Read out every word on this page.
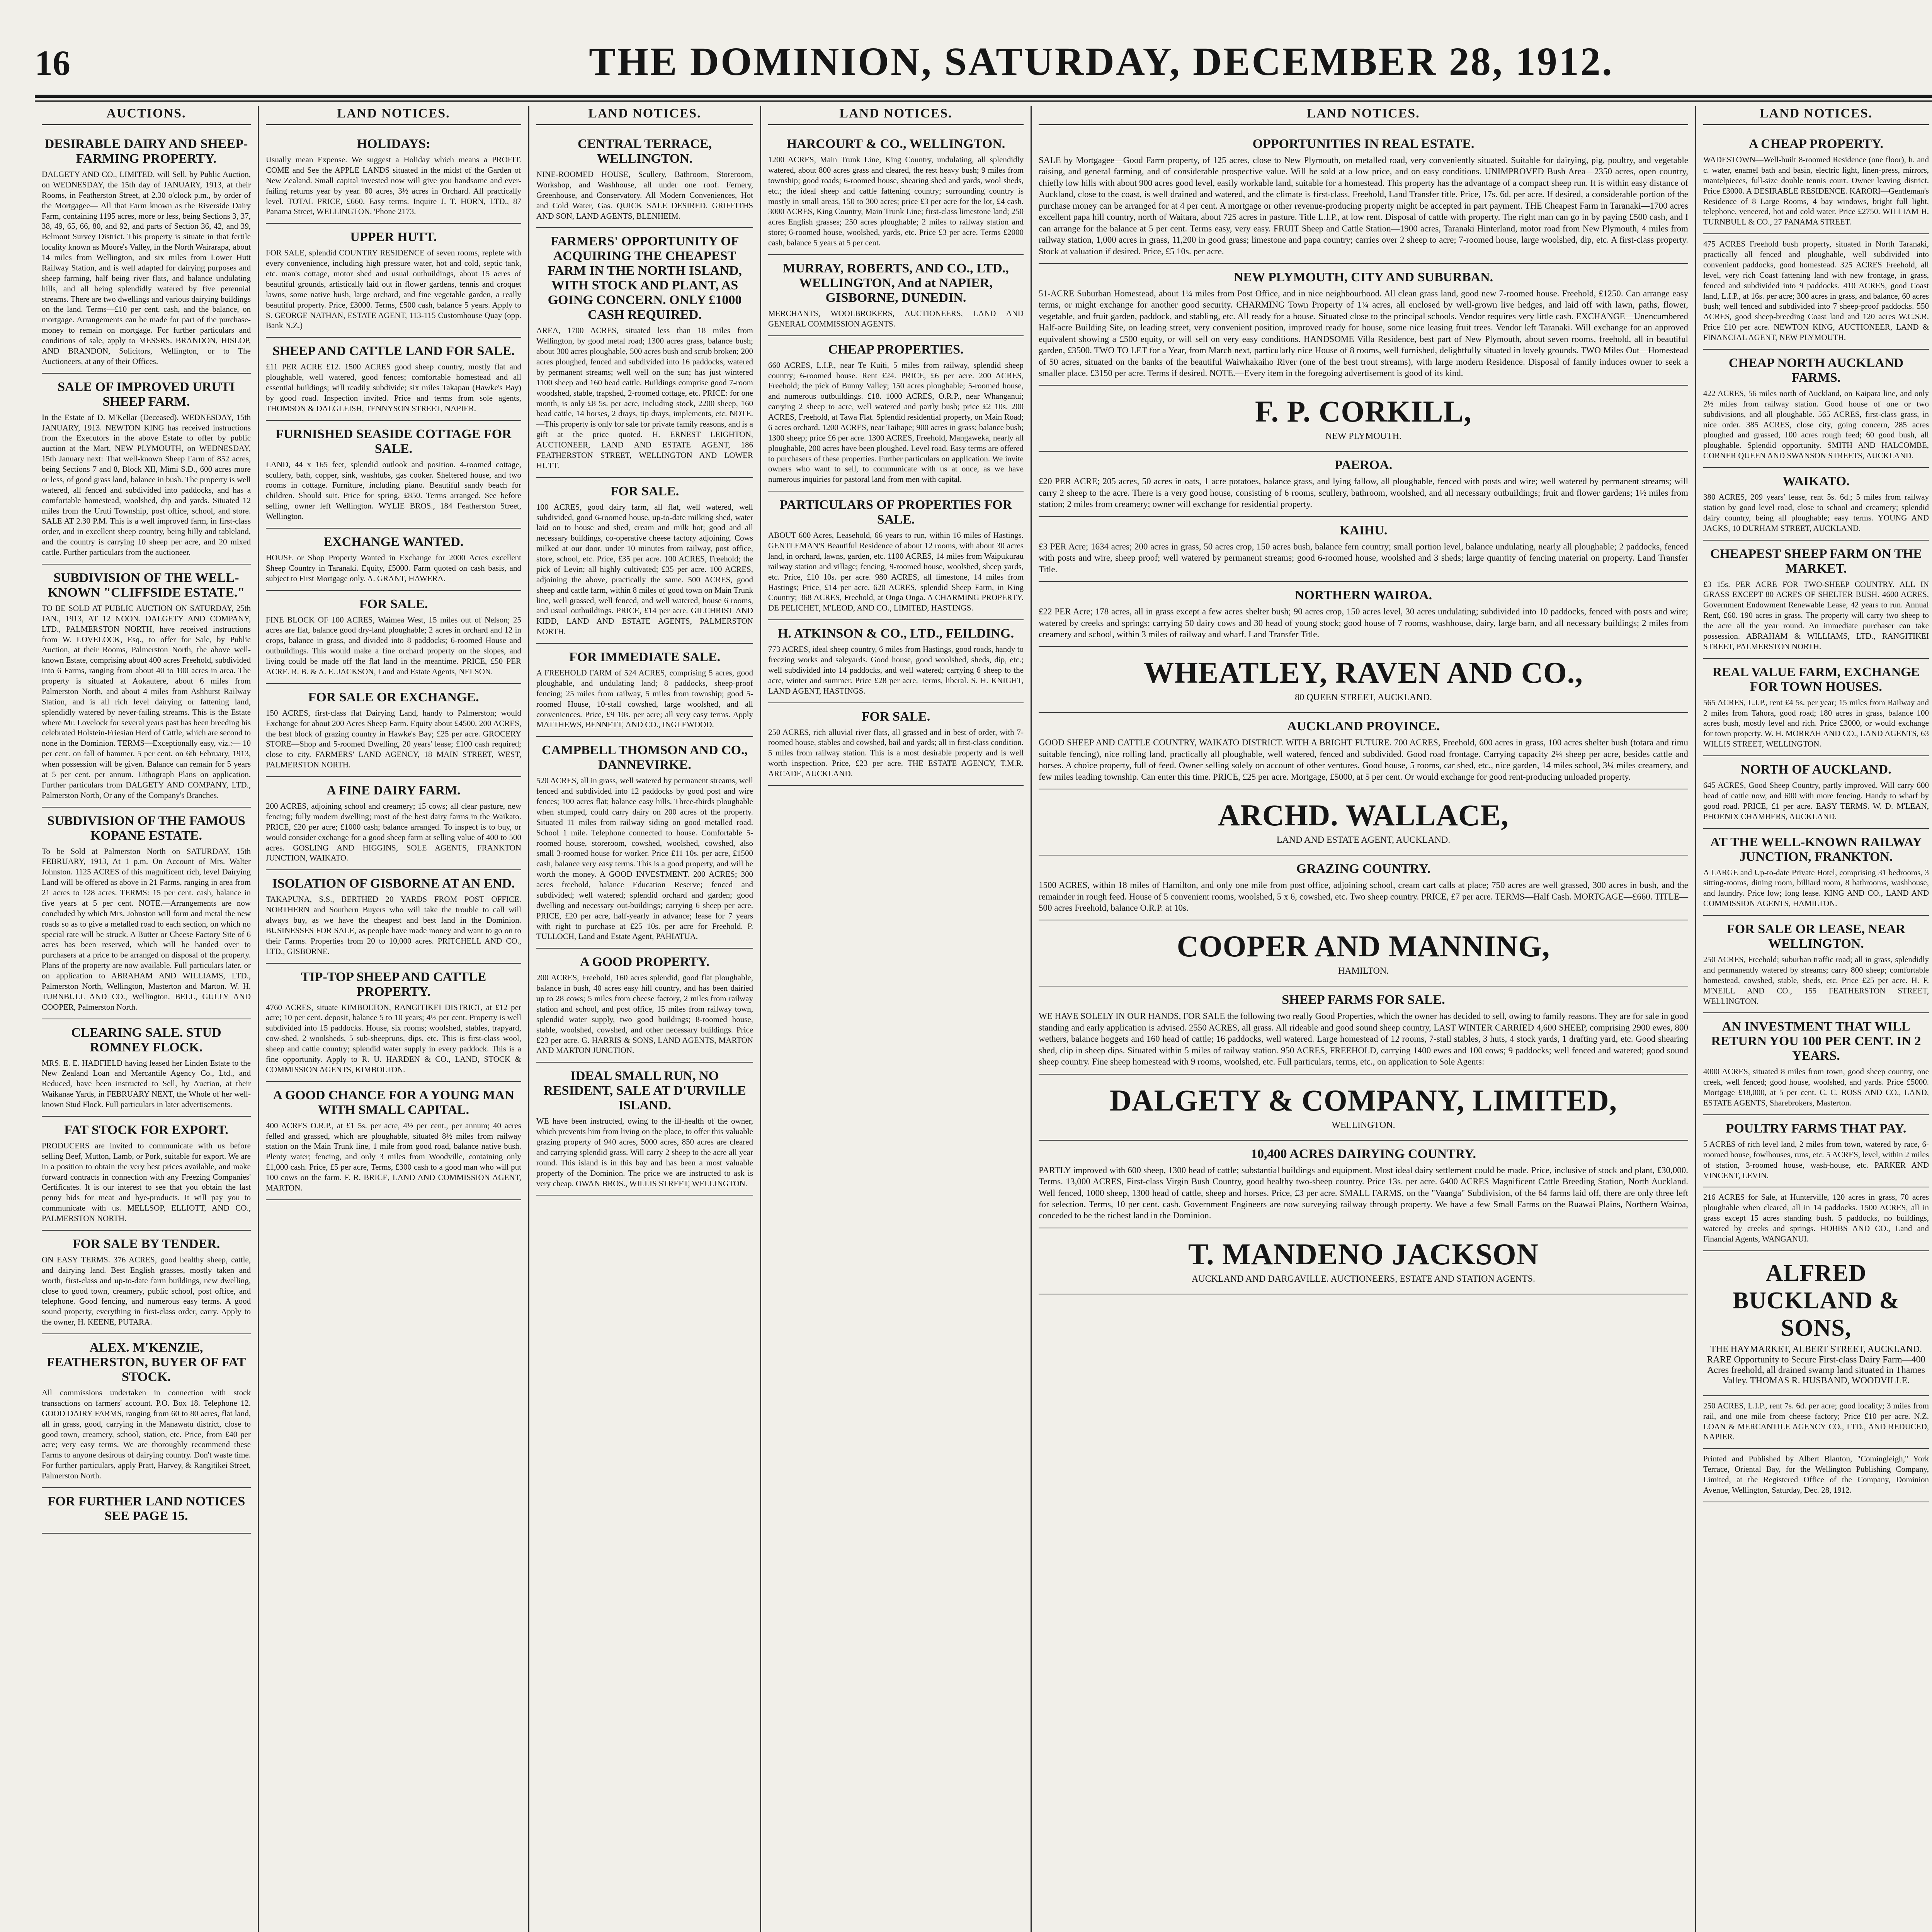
16	THE DOMINION, SATURDAY, DECEMBER 28, 1912.
AUCTIONS.
DESIRABLE DAIRY AND SHEEP-FARMING PROPERTY.

DALGETY AND CO., LIMITED, will Sell, by Public Auction, on WEDNESDAY, the 15th day of JANUARY, 1913, at their Rooms, in Featherston Street, at 2.30 o'clock p.m., by order of the Mortgagee— All that Farm known as the Riverside Dairy Farm, containing 1195 acres, more or less, being Sections 3, 37, 38, 49, 65, 66, 80, and 92, and parts of Section 36, 42, and 39, Belmont Survey District. This property is situate in that fertile locality known as Moore's Valley, in the North Wairarapa, about 14 miles from Wellington, and six miles from Lower Hutt Railway Station, and is well adapted for dairying purposes and sheep farming, half being river flats, and balance undulating hills, and all being splendidly watered by five perennial streams. There are two dwellings and various dairying buildings on the land. Terms—£10 per cent. cash, and the balance, on mortgage. Arrangements can be made for part of the purchase-money to remain on mortgage. For further particulars and conditions of sale, apply to MESSRS. BRANDON, HISLOP, AND BRANDON, Solicitors, Wellington, or to The Auctioneers, at any of their Offices.

SALE OF IMPROVED URUTI SHEEP FARM.

In the Estate of D. M'Kellar (Deceased). WEDNESDAY, 15th JANUARY, 1913. NEWTON KING has received instructions from the Executors in the above Estate to offer by public auction at the Mart, NEW PLYMOUTH, on WEDNESDAY, 15th January next: That well-known Sheep Farm of 852 acres, being Sections 7 and 8, Block XII, Mimi S.D., 600 acres more or less, of good grass land, balance in bush. The property is well watered, all fenced and subdivided into paddocks, and has a comfortable homestead, woolshed, dip and yards. Situated 12 miles from the Uruti Township, post office, school, and store. SALE AT 2.30 P.M. This is a well improved farm, in first-class order, and in excellent sheep country, being hilly and tableland, and the country is carrying 10 sheep per acre, and 20 mixed cattle. Further particulars from the auctioneer.

SUBDIVISION OF THE WELL-KNOWN "CLIFFSIDE ESTATE."

TO BE SOLD AT PUBLIC AUCTION ON SATURDAY, 25th JAN., 1913, AT 12 NOON. DALGETY AND COMPANY, LTD., PALMERSTON NORTH, have received instructions from W. LOVELOCK, Esq., to offer for Sale, by Public Auction, at their Rooms, Palmerston North, the above well-known Estate, comprising about 400 acres Freehold, subdivided into 6 Farms, ranging from about 40 to 100 acres in area. The property is situated at Aokautere, about 6 miles from Palmerston North, and about 4 miles from Ashhurst Railway Station, and is all rich level dairying or fattening land, splendidly watered by never-failing streams. This is the Estate where Mr. Lovelock for several years past has been breeding his celebrated Holstein-Friesian Herd of Cattle, which are second to none in the Dominion. TERMS—Exceptionally easy, viz.:— 10 per cent. on fall of hammer. 5 per cent. on 6th February, 1913, when possession will be given. Balance can remain for 5 years at 5 per cent. per annum. Lithograph Plans on application. Further particulars from DALGETY AND COMPANY, LTD., Palmerston North, Or any of the Company's Branches.

SUBDIVISION OF THE FAMOUS KOPANE ESTATE.

To be Sold at Palmerston North on SATURDAY, 15th FEBRUARY, 1913, At 1 p.m. On Account of Mrs. Walter Johnston. 1125 ACRES of this magnificent rich, level Dairying Land will be offered as above in 21 Farms, ranging in area from 21 acres to 128 acres. TERMS: 15 per cent. cash, balance in five years at 5 per cent. NOTE.—Arrangements are now concluded by which Mrs. Johnston will form and metal the new roads so as to give a metalled road to each section, on which no special rate will be struck. A Butter or Cheese Factory Site of 6 acres has been reserved, which will be handed over to purchasers at a price to be arranged on disposal of the property. Plans of the property are now available. Full particulars later, or on application to ABRAHAM AND WILLIAMS, LTD., Palmerston North, Wellington, Masterton and Marton. W. H. TURNBULL AND CO., Wellington. BELL, GULLY AND COOPER, Palmerston North.

CLEARING SALE. STUD ROMNEY FLOCK.

MRS. E. E. HADFIELD having leased her Linden Estate to the New Zealand Loan and Mercantile Agency Co., Ltd., and Reduced, have been instructed to Sell, by Auction, at their Waikanae Yards, in FEBRUARY NEXT, the Whole of her well-known Stud Flock. Full particulars in later advertisements.

FAT STOCK FOR EXPORT.

PRODUCERS are invited to communicate with us before selling Beef, Mutton, Lamb, or Pork, suitable for export. We are in a position to obtain the very best prices available, and make forward contracts in connection with any Freezing Companies' Certificates. It is our interest to see that you obtain the last penny bids for meat and bye-products. It will pay you to communicate with us. MELLSOP, ELLIOTT, AND CO., PALMERSTON NORTH.

FOR SALE BY TENDER.

ON EASY TERMS. 376 ACRES, good healthy sheep, cattle, and dairying land. Best English grasses, mostly taken and worth, first-class and up-to-date farm buildings, new dwelling, close to good town, creamery, public school, post office, and telephone. Good fencing, and numerous easy terms. A good sound property, everything in first-class order, carry. Apply to the owner, H. KEENE, PUTARA.

ALEX. M'KENZIE, FEATHERSTON, BUYER OF FAT STOCK.

All commissions undertaken in connection with stock transactions on farmers' account. P.O. Box 18. Telephone 12. GOOD DAIRY FARMS, ranging from 60 to 80 acres, flat land, all in grass, good, carrying in the Manawatu district, close to good town, creamery, school, station, etc. Price, from £40 per acre; very easy terms. We are thoroughly recommend these Farms to anyone desirous of dairying country. Don't waste time. For further particulars, apply Pratt, Harvey, & Rangitikei Street, Palmerston North.

FOR FURTHER LAND NOTICES SEE PAGE 15.
LAND NOTICES.
HOLIDAYS:

Usually mean Expense. We suggest a Holiday which means a PROFIT. COME and See the APPLE LANDS situated in the midst of the Garden of New Zealand. Small capital invested now will give you handsome and ever-failing returns year by year. 80 acres, 3½ acres in Orchard. All practically level. TOTAL PRICE, £660. Easy terms. Inquire J. T. HORN, LTD., 87 Panama Street, WELLINGTON. 'Phone 2173.

UPPER HUTT.

FOR SALE, splendid COUNTRY RESIDENCE of seven rooms, replete with every convenience, including high pressure water, hot and cold, septic tank, etc. man's cottage, motor shed and usual outbuildings, about 15 acres of beautiful grounds, artistically laid out in flower gardens, tennis and croquet lawns, some native bush, large orchard, and fine vegetable garden, a really beautiful property. Price, £3000. Terms, £500 cash, balance 5 years. Apply to S. GEORGE NATHAN, ESTATE AGENT, 113-115 Customhouse Quay (opp. Bank N.Z.)

SHEEP AND CATTLE LAND FOR SALE.

£11 PER ACRE £12. 1500 ACRES good sheep country, mostly flat and ploughable, well watered, good fences; comfortable homestead and all essential buildings; will readily subdivide; six miles Takapau (Hawke's Bay) by good road. Inspection invited. Price and terms from sole agents, THOMSON & DALGLEISH, TENNYSON STREET, NAPIER.

FURNISHED SEASIDE COTTAGE FOR SALE.

LAND, 44 x 165 feet, splendid outlook and position. 4-roomed cottage, scullery, bath, copper, sink, washtubs, gas cooker. Sheltered house, and two rooms in cottage. Furniture, including piano. Beautiful sandy beach for children. Should suit. Price for spring, £850. Terms arranged. See before selling, owner left Wellington. WYLIE BROS., 184 Featherston Street, Wellington.

EXCHANGE WANTED.

HOUSE or Shop Property Wanted in Exchange for 2000 Acres excellent Sheep Country in Taranaki. Equity, £5000. Farm quoted on cash basis, and subject to First Mortgage only. A. GRANT, HAWERA.

FOR SALE.

FINE BLOCK OF 100 ACRES, Waimea West, 15 miles out of Nelson; 25 acres are flat, balance good dry-land ploughable; 2 acres in orchard and 12 in crops, balance in grass, and divided into 8 paddocks; 6-roomed House and outbuildings. This would make a fine orchard property on the slopes, and living could be made off the flat land in the meantime. PRICE, £50 PER ACRE. R. B. & A. E. JACKSON, Land and Estate Agents, NELSON.

FOR SALE OR EXCHANGE.

150 ACRES, first-class flat Dairying Land, handy to Palmerston; would Exchange for about 200 Acres Sheep Farm. Equity about £4500. 200 ACRES, the best block of grazing country in Hawke's Bay; £25 per acre. GROCERY STORE—Shop and 5-roomed Dwelling, 20 years' lease; £100 cash required; close to city. FARMERS' LAND AGENCY, 18 MAIN STREET, WEST, PALMERSTON NORTH.

A FINE DAIRY FARM.

200 ACRES, adjoining school and creamery; 15 cows; all clear pasture, new fencing; fully modern dwelling; most of the best dairy farms in the Waikato. PRICE, £20 per acre; £1000 cash; balance arranged. To inspect is to buy, or would consider exchange for a good sheep farm at selling value of 400 to 500 acres. GOSLING AND HIGGINS, SOLE AGENTS, FRANKTON JUNCTION, WAIKATO.

ISOLATION OF GISBORNE AT AN END.

TAKAPUNA, S.S., BERTHED 20 YARDS FROM POST OFFICE. NORTHERN and Southern Buyers who will take the trouble to call will always buy, as we have the cheapest and best land in the Dominion. BUSINESSES FOR SALE, as people have made money and want to go on to their Farms. Properties from 20 to 10,000 acres. PRITCHELL AND CO., LTD., GISBORNE.

TIP-TOP SHEEP AND CATTLE PROPERTY.

4760 ACRES, situate KIMBOLTON, RANGITIKEI DISTRICT, at £12 per acre; 10 per cent. deposit, balance 5 to 10 years; 4½ per cent. Property is well subdivided into 15 paddocks. House, six rooms; woolshed, stables, trapyard, cow-shed, 2 woolsheds, 5 sub-sheepruns, dips, etc. This is first-class wool, sheep and cattle country; splendid water supply in every paddock. This is a fine opportunity. Apply to R. U. HARDEN & CO., LAND, STOCK & COMMISSION AGENTS, KIMBOLTON.

A GOOD CHANCE FOR A YOUNG MAN WITH SMALL CAPITAL.

400 ACRES O.R.P., at £1 5s. per acre, 4½ per cent., per annum; 40 acres felled and grassed, which are ploughable, situated 8½ miles from railway station on the Main Trunk line, 1 mile from good road, balance native bush. Plenty water; fencing, and only 3 miles from Woodville, containing only £1,000 cash. Price, £5 per acre, Terms, £300 cash to a good man who will put 100 cows on the farm. F. R. BRICE, LAND AND COMMISSION AGENT, MARTON.

LAND NOTICES.
CENTRAL TERRACE, WELLINGTON.

NINE-ROOMED HOUSE, Scullery, Bathroom, Storeroom, Workshop, and Washhouse, all under one roof. Fernery, Greenhouse, and Conservatory. All Modern Conveniences, Hot and Cold Water, Gas. QUICK SALE DESIRED. GRIFFITHS AND SON, LAND AGENTS, BLENHEIM.

FARMERS' OPPORTUNITY OF ACQUIRING THE CHEAPEST FARM IN THE NORTH ISLAND, WITH STOCK AND PLANT, AS GOING CONCERN. ONLY £1000 CASH REQUIRED.

AREA, 1700 ACRES, situated less than 18 miles from Wellington, by good metal road; 1300 acres grass, balance bush; about 300 acres ploughable, 500 acres bush and scrub broken; 200 acres ploughed, fenced and subdivided into 16 paddocks, watered by permanent streams; well well on the sun; has just wintered 1100 sheep and 160 head cattle. Buildings comprise good 7-room woodshed, stable, trapshed, 2-roomed cottage, etc. PRICE: for one month, is only £8 5s. per acre, including stock, 2200 sheep, 160 head cattle, 14 horses, 2 drays, tip drays, implements, etc. NOTE.—This property is only for sale for private family reasons, and is a gift at the price quoted. H. ERNEST LEIGHTON, AUCTIONEER, LAND AND ESTATE AGENT, 186 FEATHERSTON STREET, WELLINGTON AND LOWER HUTT.

FOR SALE.

100 ACRES, good dairy farm, all flat, well watered, well subdivided, good 6-roomed house, up-to-date milking shed, water laid on to house and shed, cream and milk hot; good and all necessary buildings, co-operative cheese factory adjoining. Cows milked at our door, under 10 minutes from railway, post office, store, school, etc. Price, £35 per acre. 100 ACRES, Freehold; the pick of Levin; all highly cultivated; £35 per acre. 100 ACRES, adjoining the above, practically the same. 500 ACRES, good sheep and cattle farm, within 8 miles of good town on Main Trunk line, well grassed, well fenced, and well watered, house 6 rooms, and usual outbuildings. PRICE, £14 per acre. GILCHRIST AND KIDD, LAND AND ESTATE AGENTS, PALMERSTON NORTH.

FOR IMMEDIATE SALE.

A FREEHOLD FARM of 524 ACRES, comprising 5 acres, good ploughable, and undulating land; 8 paddocks, sheep-proof fencing; 25 miles from railway, 5 miles from township; good 5-roomed House, 10-stall cowshed, large woolshed, and all conveniences. Price, £9 10s. per acre; all very easy terms. Apply MATTHEWS, BENNETT, AND CO., INGLEWOOD.

CAMPBELL THOMSON AND CO., DANNEVIRKE.

520 ACRES, all in grass, well watered by permanent streams, well fenced and subdivided into 12 paddocks by good post and wire fences; 100 acres flat; balance easy hills. Three-thirds ploughable when stumped, could carry dairy on 200 acres of the property. Situated 11 miles from railway siding on good metalled road. School 1 mile. Telephone connected to house. Comfortable 5-roomed house, storeroom, cowshed, woolshed, cowshed, also small 3-roomed house for worker. Price £11 10s. per acre, £1500 cash, balance very easy terms. This is a good property, and will be worth the money. A GOOD INVESTMENT. 200 ACRES; 300 acres freehold, balance Education Reserve; fenced and subdivided; well watered; splendid orchard and garden; good dwelling and necessary out-buildings; carrying 6 sheep per acre. PRICE, £20 per acre, half-yearly in advance; lease for 7 years with right to purchase at £25 10s. per acre for Freehold. P. TULLOCH, Land and Estate Agent, PAHIATUA.

A GOOD PROPERTY.

200 ACRES, Freehold, 160 acres splendid, good flat ploughable, balance in bush, 40 acres easy hill country, and has been dairied up to 28 cows; 5 miles from cheese factory, 2 miles from railway station and school, and post office, 15 miles from railway town, splendid water supply, two good buildings; 8-roomed house, stable, woolshed, cowshed, and other necessary buildings. Price £23 per acre. G. HARRIS & SONS, LAND AGENTS, MARTON AND MARTON JUNCTION.

IDEAL SMALL RUN, NO RESIDENT, SALE AT D'URVILLE ISLAND.

WE have been instructed, owing to the ill-health of the owner, which prevents him from living on the place, to offer this valuable grazing property of 940 acres, 5000 acres, 850 acres are cleared and carrying splendid grass. Will carry 2 sheep to the acre all year round. This island is in this bay and has been a most valuable property of the Dominion. The price we are instructed to ask is very cheap. OWAN BROS., WILLIS STREET, WELLINGTON.

LAND NOTICES.
HARCOURT & CO., WELLINGTON.

1200 ACRES, Main Trunk Line, King Country, undulating, all splendidly watered, about 800 acres grass and cleared, the rest heavy bush; 9 miles from township; good roads; 6-roomed house, shearing shed and yards, wool sheds, etc.; the ideal sheep and cattle fattening country; surrounding country is mostly in small areas, 150 to 300 acres; price £3 per acre for the lot, £4 cash. 3000 ACRES, King Country, Main Trunk Line; first-class limestone land; 250 acres English grasses; 250 acres ploughable; 2 miles to railway station and store; 6-roomed house, woolshed, yards, etc. Price £3 per acre. Terms £2000 cash, balance 5 years at 5 per cent.

MURRAY, ROBERTS, AND CO., LTD., WELLINGTON, And at NAPIER, GISBORNE, DUNEDIN.

MERCHANTS, WOOLBROKERS, AUCTIONEERS, LAND AND GENERAL COMMISSION AGENTS.

CHEAP PROPERTIES.

660 ACRES, L.I.P., near Te Kuiti, 5 miles from railway, splendid sheep country; 6-roomed house. Rent £24. PRICE, £6 per acre. 200 ACRES, Freehold; the pick of Bunny Valley; 150 acres ploughable; 5-roomed house, and numerous outbuildings. £18. 1000 ACRES, O.R.P., near Whanganui; carrying 2 sheep to acre, well watered and partly bush; price £2 10s. 200 ACRES, Freehold, at Tawa Flat. Splendid residential property, on Main Road; 6 acres orchard. 1200 ACRES, near Taihape; 900 acres in grass; balance bush; 1300 sheep; price £6 per acre. 1300 ACRES, Freehold, Mangaweka, nearly all ploughable, 200 acres have been ploughed. Level road. Easy terms are offered to purchasers of these properties. Further particulars on application. We invite owners who want to sell, to communicate with us at once, as we have numerous inquiries for pastoral land from men with capital.

PARTICULARS OF PROPERTIES FOR SALE.

ABOUT 600 Acres, Leasehold, 66 years to run, within 16 miles of Hastings. GENTLEMAN'S Beautiful Residence of about 12 rooms, with about 30 acres land, in orchard, lawns, garden, etc. 1100 ACRES, 14 miles from Waipukurau railway station and village; fencing, 9-roomed house, woolshed, sheep yards, etc. Price, £10 10s. per acre. 980 ACRES, all limestone, 14 miles from Hastings; Price, £14 per acre. 620 ACRES, splendid Sheep Farm, in King Country; 368 ACRES, Freehold, at Onga Onga. A CHARMING PROPERTY. DE PELICHET, M'LEOD, AND CO., LIMITED, HASTINGS.

H. ATKINSON & CO., LTD., FEILDING.

773 ACRES, ideal sheep country, 6 miles from Hastings, good roads, handy to freezing works and saleyards. Good house, good woolshed, sheds, dip, etc.; well subdivided into 14 paddocks, and well watered; carrying 6 sheep to the acre, winter and summer. Price £28 per acre. Terms, liberal. S. H. KNIGHT, LAND AGENT, HASTINGS.

FOR SALE.

250 ACRES, rich alluvial river flats, all grassed and in best of order, with 7-roomed house, stables and cowshed, bail and yards; all in first-class condition. 5 miles from railway station. This is a most desirable property and is well worth inspection. Price, £23 per acre. THE ESTATE AGENCY, T.M.R. ARCADE, AUCKLAND.

LAND NOTICES.
OPPORTUNITIES IN REAL ESTATE.

SALE by Mortgagee—Good Farm property, of 125 acres, close to New Plymouth, on metalled road, very conveniently situated. Suitable for dairying, pig, poultry, and vegetable raising, and general farming, and of considerable prospective value. Will be sold at a low price, and on easy conditions. UNIMPROVED Bush Area—2350 acres, open country, chiefly low hills with about 900 acres good level, easily workable land, suitable for a homestead. This property has the advantage of a compact sheep run. It is within easy distance of Auckland, close to the coast, is well drained and watered, and the climate is first-class. Freehold, Land Transfer title. Price, 17s. 6d. per acre. If desired, a considerable portion of the purchase money can be arranged for at 4 per cent. A mortgage or other revenue-producing property might be accepted in part payment. THE Cheapest Farm in Taranaki—1700 acres excellent papa hill country, north of Waitara, about 725 acres in pasture. Title L.I.P., at low rent. Disposal of cattle with property. The right man can go in by paying £500 cash, and I can arrange for the balance at 5 per cent. Terms easy, very easy. FRUIT Sheep and Cattle Station—1900 acres, Taranaki Hinterland, motor road from New Plymouth, 4 miles from railway station, 1,000 acres in grass, 11,200 in good grass; limestone and papa country; carries over 2 sheep to acre; 7-roomed house, large woolshed, dip, etc. A first-class property. Stock at valuation if desired. Price, £5 10s. per acre.

NEW PLYMOUTH, CITY AND SUBURBAN.

51-ACRE Suburban Homestead, about 1¼ miles from Post Office, and in nice neighbourhood. All clean grass land, good new 7-roomed house. Freehold, £1250. Can arrange easy terms, or might exchange for another good security. CHARMING Town Property of 1¼ acres, all enclosed by well-grown live hedges, and laid off with lawn, paths, flower, vegetable, and fruit garden, paddock, and stabling, etc. All ready for a house. Situated close to the principal schools. Vendor requires very little cash. EXCHANGE—Unencumbered Half-acre Building Site, on leading street, very convenient position, improved ready for house, some nice leasing fruit trees. Vendor left Taranaki. Will exchange for an approved equivalent showing a £500 equity, or will sell on very easy conditions. HANDSOME Villa Residence, best part of New Plymouth, about seven rooms, freehold, all in beautiful garden, £3500. TWO TO LET for a Year, from March next, particularly nice House of 8 rooms, well furnished, delightfully situated in lovely grounds. TWO Miles Out—Homestead of 50 acres, situated on the banks of the beautiful Waiwhakaiho River (one of the best trout streams), with large modern Residence. Disposal of family induces owner to seek a smaller place. £3150 per acre. Terms if desired. NOTE.—Every item in the foregoing advertisement is good of its kind.

F. P. CORKILL,

NEW PLYMOUTH.

PAEROA.

£20 PER ACRE; 205 acres, 50 acres in oats, 1 acre potatoes, balance grass, and lying fallow, all ploughable, fenced with posts and wire; well watered by permanent streams; will carry 2 sheep to the acre. There is a very good house, consisting of 6 rooms, scullery, bathroom, woolshed, and all necessary outbuildings; fruit and flower gardens; 1½ miles from station; 2 miles from creamery; owner will exchange for residential property.

KAIHU.

£3 PER Acre; 1634 acres; 200 acres in grass, 50 acres crop, 150 acres bush, balance fern country; small portion level, balance undulating, nearly all ploughable; 2 paddocks, fenced with posts and wire, sheep proof; well watered by permanent streams; good 6-roomed house, woolshed and 3 sheds; large quantity of fencing material on property. Land Transfer Title.

NORTHERN WAIROA.

£22 PER Acre; 178 acres, all in grass except a few acres shelter bush; 90 acres crop, 150 acres level, 30 acres undulating; subdivided into 10 paddocks, fenced with posts and wire; watered by creeks and springs; carrying 50 dairy cows and 30 head of young stock; good house of 7 rooms, washhouse, dairy, large barn, and all necessary buildings; 2 miles from creamery and school, within 3 miles of railway and wharf. Land Transfer Title.

WHEATLEY, RAVEN AND CO.,

80 QUEEN STREET, AUCKLAND.

AUCKLAND PROVINCE.

GOOD SHEEP AND CATTLE COUNTRY, WAIKATO DISTRICT. WITH A BRIGHT FUTURE. 700 ACRES, Freehold, 600 acres in grass, 100 acres shelter bush (totara and rimu suitable fencing), nice rolling land, practically all ploughable, well watered, fenced and subdivided. Good road frontage. Carrying capacity 2¼ sheep per acre, besides cattle and horses. A choice property, full of feed. Owner selling solely on account of other ventures. Good house, 5 rooms, car shed, etc., nice garden, 14 miles school, 3¼ miles creamery, and few miles leading township. Can enter this time. PRICE, £25 per acre. Mortgage, £5000, at 5 per cent. Or would exchange for good rent-producing unloaded property.

ARCHD. WALLACE,

LAND AND ESTATE AGENT, AUCKLAND.

GRAZING COUNTRY.

1500 ACRES, within 18 miles of Hamilton, and only one mile from post office, adjoining school, cream cart calls at place; 750 acres are well grassed, 300 acres in bush, and the remainder in rough feed. House of 5 convenient rooms, woolshed, 5 x 6, cowshed, etc. Two sheep country. PRICE, £7 per acre. TERMS—Half Cash. MORTGAGE—£660. TITLE—500 acres Freehold, balance O.R.P. at 10s.

COOPER AND MANNING,

HAMILTON.

SHEEP FARMS FOR SALE.

WE HAVE SOLELY IN OUR HANDS, FOR SALE the following two really Good Properties, which the owner has decided to sell, owing to family reasons. They are for sale in good standing and early application is advised. 2550 ACRES, all grass. All rideable and good sound sheep country, LAST WINTER CARRIED 4,600 SHEEP, comprising 2900 ewes, 800 wethers, balance hoggets and 160 head of cattle; 16 paddocks, well watered. Large homestead of 12 rooms, 7-stall stables, 3 huts, 4 stock yards, 1 drafting yard, etc. Good shearing shed, clip in sheep dips. Situated within 5 miles of railway station. 950 ACRES, FREEHOLD, carrying 1400 ewes and 100 cows; 9 paddocks; well fenced and watered; good sound sheep country. Fine sheep homestead with 9 rooms, woolshed, etc. Full particulars, terms, etc., on application to Sole Agents:

DALGETY & COMPANY, LIMITED,

WELLINGTON.

10,400 ACRES DAIRYING COUNTRY.

PARTLY improved with 600 sheep, 1300 head of cattle; substantial buildings and equipment. Most ideal dairy settlement could be made. Price, inclusive of stock and plant, £30,000. Terms. 13,000 ACRES, First-class Virgin Bush Country, good healthy two-sheep country. Price 13s. per acre. 6400 ACRES Magnificent Cattle Breeding Station, North Auckland. Well fenced, 1000 sheep, 1300 head of cattle, sheep and horses. Price, £3 per acre. SMALL FARMS, on the "Vaanga" Subdivision, of the 64 farms laid off, there are only three left for selection. Terms, 10 per cent. cash. Government Engineers are now surveying railway through property. We have a few Small Farms on the Ruawai Plains, Northern Wairoa, conceded to be the richest land in the Dominion.

T. MANDENO JACKSON

AUCKLAND AND DARGAVILLE. AUCTIONEERS, ESTATE AND STATION AGENTS.

LAND NOTICES.
A CHEAP PROPERTY.

WADESTOWN—Well-built 8-roomed Residence (one floor), h. and c. water, enamel bath and basin, electric light, linen-press, mirrors, mantelpieces, full-size double tennis court. Owner leaving district. Price £3000. A DESIRABLE RESIDENCE. KARORI—Gentleman's Residence of 8 Large Rooms, 4 bay windows, bright full light, telephone, veneered, hot and cold water. Price £2750. WILLIAM H. TURNBULL & CO., 27 PANAMA STREET.

475 ACRES Freehold bush property, situated in North Taranaki, practically all fenced and ploughable, well subdivided into convenient paddocks, good homestead. 325 ACRES Freehold, all level, very rich Coast fattening land with new frontage, in grass, fenced and subdivided into 9 paddocks. 410 ACRES, good Coast land, L.I.P., at 16s. per acre; 300 acres in grass, and balance, 60 acres bush; well fenced and subdivided into 7 sheep-proof paddocks. 550 ACRES, good sheep-breeding Coast land and 120 acres W.C.S.R. Price £10 per acre. NEWTON KING, AUCTIONEER, LAND & FINANCIAL AGENT, NEW PLYMOUTH.

CHEAP NORTH AUCKLAND FARMS.

422 ACRES, 56 miles north of Auckland, on Kaipara line, and only 2½ miles from railway station. Good house of one or two subdivisions, and all ploughable. 565 ACRES, first-class grass, in nice order. 385 ACRES, close city, going concern, 285 acres ploughed and grassed, 100 acres rough feed; 60 good bush, all ploughable. Splendid opportunity. SMITH AND HALCOMBE, CORNER QUEEN AND SWANSON STREETS, AUCKLAND.

WAIKATO.

380 ACRES, 209 years' lease, rent 5s. 6d.; 5 miles from railway station by good level road, close to school and creamery; splendid dairy country, being all ploughable; easy terms. YOUNG AND JACKS, 10 DURHAM STREET, AUCKLAND.

CHEAPEST SHEEP FARM ON THE MARKET.

£3 15s. PER ACRE FOR TWO-SHEEP COUNTRY. ALL IN GRASS EXCEPT 80 ACRES OF SHELTER BUSH. 4600 ACRES, Government Endowment Renewable Lease, 42 years to run. Annual Rent, £60. 190 acres in grass. The property will carry two sheep to the acre all the year round. An immediate purchaser can take possession. ABRAHAM & WILLIAMS, LTD., RANGITIKEI STREET, PALMERSTON NORTH.

REAL VALUE FARM, EXCHANGE FOR TOWN HOUSES.

565 ACRES, L.I.P., rent £4 5s. per year; 15 miles from Railway and 2 miles from Tahora, good road; 180 acres in grass, balance 100 acres bush, mostly level and rich. Price £3000, or would exchange for town property. W. H. MORRAH AND CO., LAND AGENTS, 63 WILLIS STREET, WELLINGTON.

NORTH OF AUCKLAND.

645 ACRES, Good Sheep Country, partly improved. Will carry 600 head of cattle now, and 600 with more fencing. Handy to wharf by good road. PRICE, £1 per acre. EASY TERMS. W. D. M'LEAN, PHOENIX CHAMBERS, AUCKLAND.

AT THE WELL-KNOWN RAILWAY JUNCTION, FRANKTON.

A LARGE and Up-to-date Private Hotel, comprising 31 bedrooms, 3 sitting-rooms, dining room, billiard room, 8 bathrooms, washhouse, and laundry. Price low; long lease. KING AND CO., LAND AND COMMISSION AGENTS, HAMILTON.

FOR SALE OR LEASE, NEAR WELLINGTON.

250 ACRES, Freehold; suburban traffic road; all in grass, splendidly and permanently watered by streams; carry 800 sheep; comfortable homestead, cowshed, stable, sheds, etc. Price £25 per acre. H. F. M'NEILL AND CO., 155 FEATHERSTON STREET, WELLINGTON.

AN INVESTMENT THAT WILL RETURN YOU 100 PER CENT. IN 2 YEARS.

4000 ACRES, situated 8 miles from town, good sheep country, one creek, well fenced; good house, woolshed, and yards. Price £5000. Mortgage £18,000, at 5 per cent. C. C. ROSS AND CO., LAND, ESTATE AGENTS, Sharebrokers, Masterton.

POULTRY FARMS THAT PAY.

5 ACRES of rich level land, 2 miles from town, watered by race, 6-roomed house, fowlhouses, runs, etc. 5 ACRES, level, within 2 miles of station, 3-roomed house, wash-house, etc. PARKER AND VINCENT, LEVIN.

216 ACRES for Sale, at Hunterville, 120 acres in grass, 70 acres ploughable when cleared, all in 14 paddocks. 1500 ACRES, all in grass except 15 acres standing bush. 5 paddocks, no buildings, watered by creeks and springs. HOBBS AND CO., Land and Financial Agents, WANGANUI.

ALFRED BUCKLAND & SONS,

THE HAYMARKET, ALBERT STREET, AUCKLAND. RARE Opportunity to Secure First-class Dairy Farm—400 Acres freehold, all drained swamp land situated in Thames Valley. THOMAS R. HUSBAND, WOODVILLE.

250 ACRES, L.I.P., rent 7s. 6d. per acre; good locality; 3 miles from rail, and one mile from cheese factory; Price £10 per acre. N.Z. LOAN & MERCANTILE AGENCY CO., LTD., AND REDUCED, NAPIER.

Printed and Published by Albert Blanton, "Comingleigh," York Terrace, Oriental Bay, for the Wellington Publishing Company, Limited, at the Registered Office of the Company, Dominion Avenue, Wellington, Saturday, Dec. 28, 1912.
